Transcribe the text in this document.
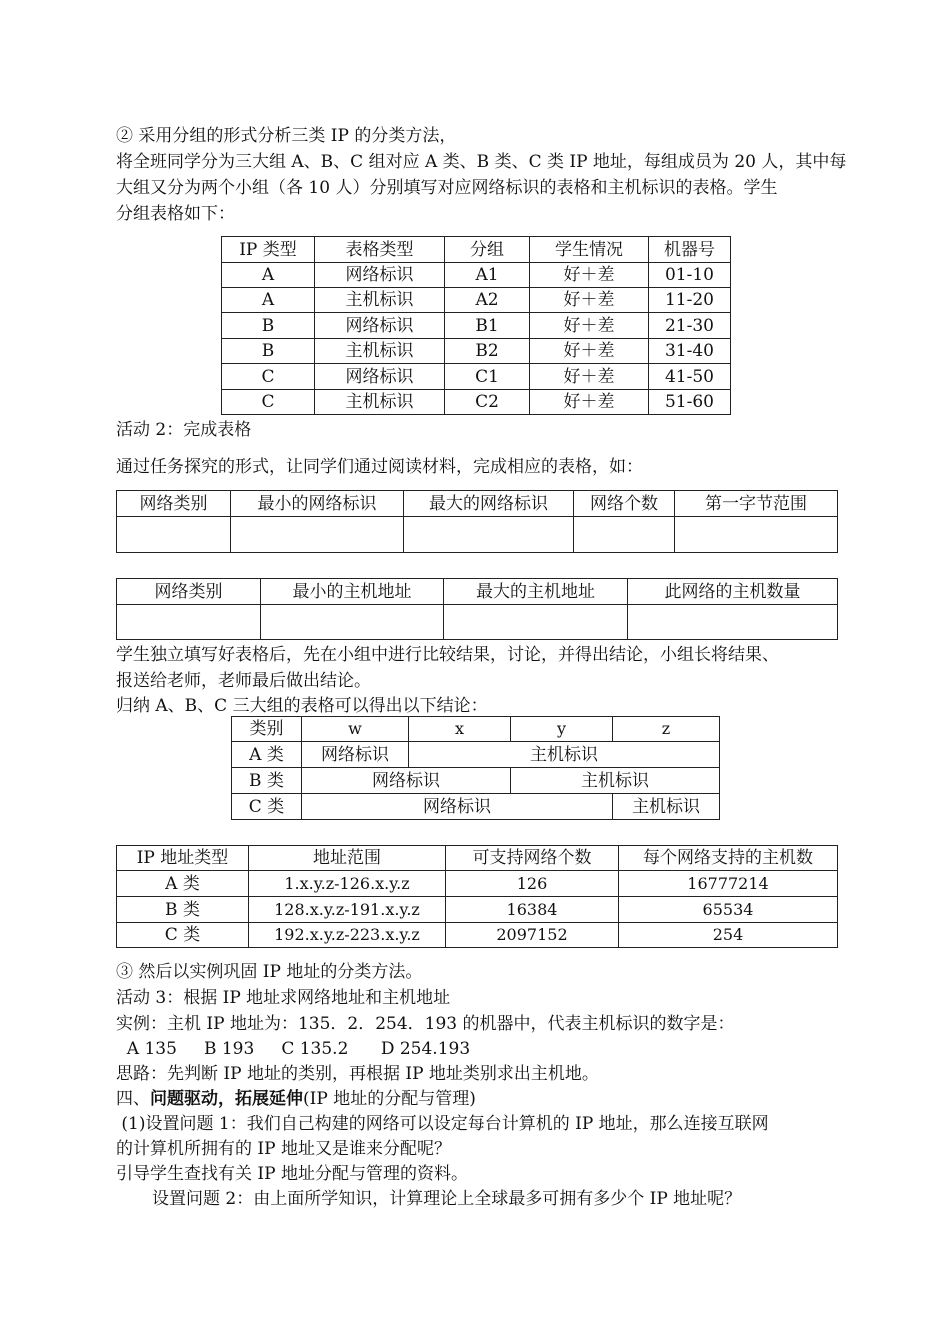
② 采用分组的形式分析三类 IP 的分类方法，
将全班同学分为三大组 A、B、C 组对应 A 类、B 类、C 类 IP 地址，每组成员为 20 人，其中每
大组又分为两个小组（各 10 人）分别填写对应网络标识的表格和主机标识的表格。学生
分组表格如下：
IP 类型	表格类型	分组	学生情况	机器号
A	网络标识	A1	好＋差	01-10
A	主机标识	A2	好＋差	11-20
B	网络标识	B1	好＋差	21-30
B	主机标识	B2	好＋差	31-40
C	网络标识	C1	好＋差	41-50
C	主机标识	C2	好＋差	51-60
活动 2：完成表格
通过任务探究的形式，让同学们通过阅读材料，完成相应的表格，如：
网络类别	最小的网络标识	最大的网络标识	网络个数	第一字节范围

网络类别	最小的主机地址	最大的主机地址	此网络的主机数量

学生独立填写好表格后，先在小组中进行比较结果，讨论，并得出结论，小组长将结果、
报送给老师，老师最后做出结论。
归纳 A、B、C 三大组的表格可以得出以下结论：
类别	w	x	y	z
A 类	网络标识	主机标识		
B 类	网络标识		主机标识	
C 类	网络标识			主机标识
IP 地址类型	地址范围	可支持网络个数	每个网络支持的主机数
A 类	1.x.y.z-126.x.y.z	126	16777214
B 类	128.x.y.z-191.x.y.z	16384	65534
C 类	192.x.y.z-223.x.y.z	2097152	254
③ 然后以实例巩固 IP 地址的分类方法。
活动 3：根据 IP 地址求网络地址和主机地址
实例：主机 IP 地址为：135．2．254．193 的机器中，代表主机标识的数字是：
A 135     B 193     C 135.2      D 254.193
思路：先判断 IP 地址的类别，再根据 IP 地址类别求出主机地。
四、问题驱动，拓展延伸(IP 地址的分配与管理)
(1)设置问题 1：我们自己构建的网络可以设定每台计算机的 IP 地址，那么连接互联网
的计算机所拥有的 IP 地址又是谁来分配呢？
引导学生查找有关 IP 地址分配与管理的资料。
设置问题 2：由上面所学知识，计算理论上全球最多可拥有多少个 IP 地址呢？
